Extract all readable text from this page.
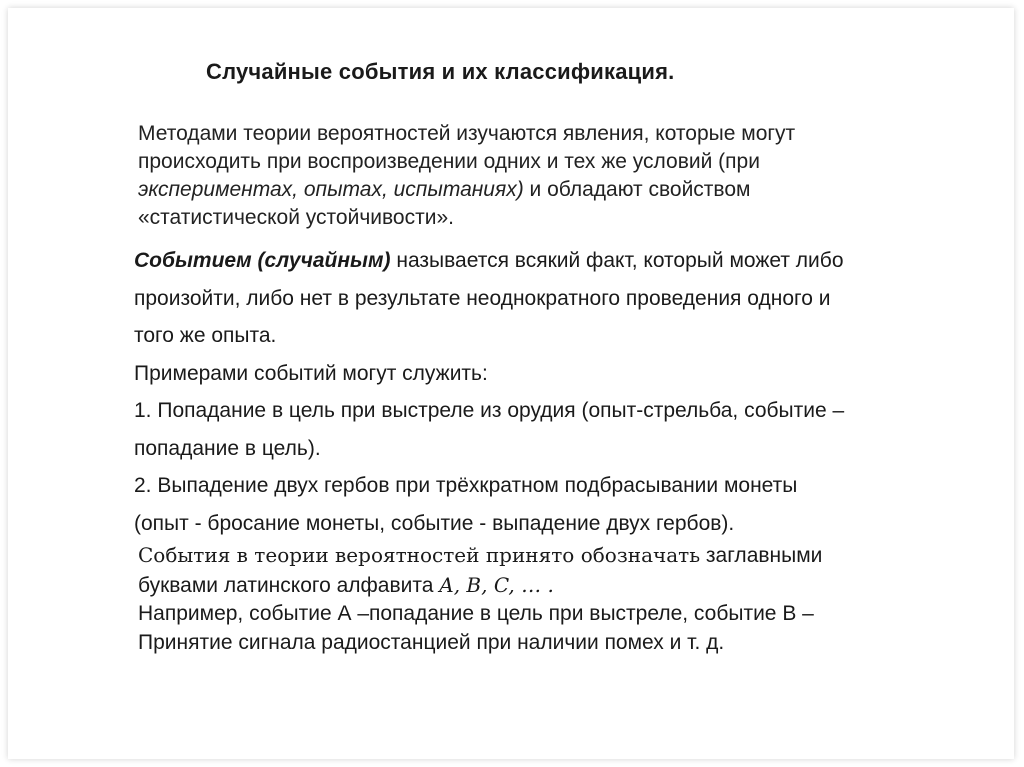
Случайные события и их классификация.

Методами теории вероятностей изучаются явления, которые могут

происходить при воспроизведении одних и тех же условий (при

экспериментах, опытах, испытаниях) и обладают свойством

«статистической устойчивости».

Событием (случайным) называется всякий факт, который может либо

произойти, либо нет в результате неоднократного проведения одного и

того же опыта.

Примерами событий могут служить:

1. Попадание в цель при выстреле из орудия (опыт-стрельба, событие –

попадание в цель).

2. Выпадение двух гербов при трёхкратном подбрасывании монеты

(опыт - бросание монеты, событие - выпадение двух гербов).

События в теории вероятностей принято обозначать заглавными

буквами латинского алфавита A, B, C, … .

Например, событие А –попадание в цель при выстреле, событие В –

Принятие сигнала радиостанцией при наличии помех и т. д.
